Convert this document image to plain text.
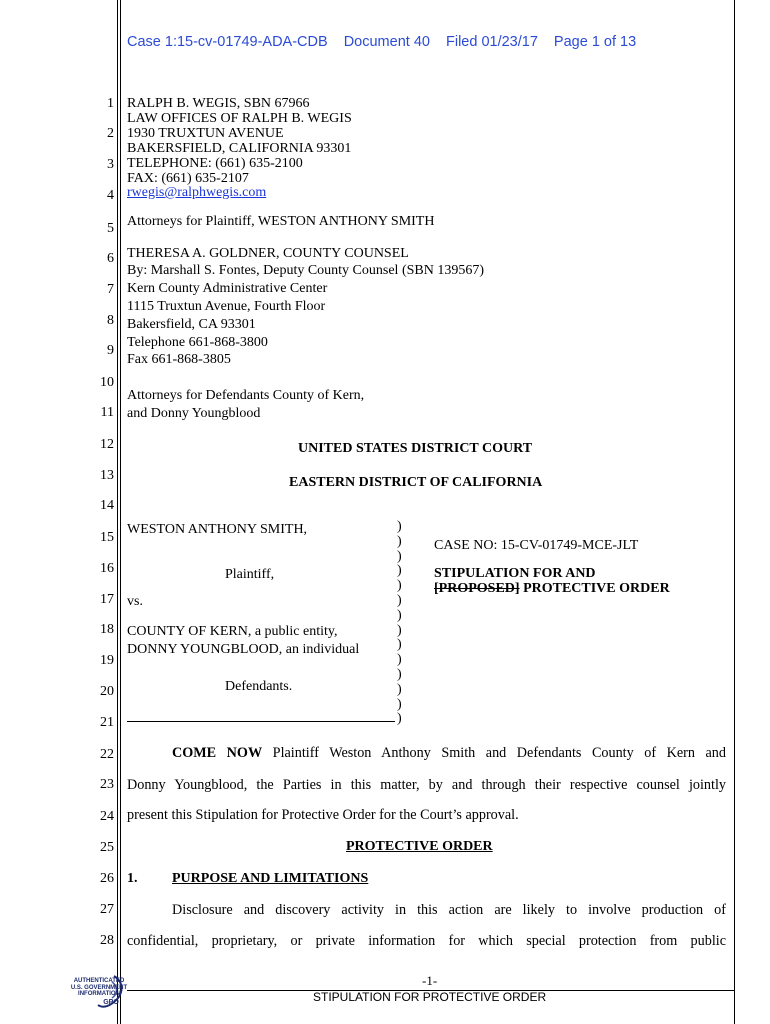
Case 1:15-cv-01749-ADA-CDB Document 40 Filed 01/23/17 Page 1 of 13
1
2
3
4
5
6
7
8
9
10
11
12
13
14
15
16
17
18
19
20
21
22
23
24
25
26
27
28
RALPH B. WEGIS, SBN 67966
LAW OFFICES OF RALPH B. WEGIS
1930 TRUXTUN AVENUE
BAKERSFIELD, CALIFORNIA 93301
TELEPHONE: (661) 635-2100
FAX: (661) 635-2107
rwegis@ralphwegis.com
Attorneys for Plaintiff, WESTON ANTHONY SMITH
THERESA A. GOLDNER, COUNTY COUNSEL
By: Marshall S. Fontes, Deputy County Counsel (SBN 139567)
Kern County Administrative Center
1115 Truxtun Avenue, Fourth Floor
Bakersfield, CA 93301
Telephone 661-868-3800
Fax 661-868-3805
Attorneys for Defendants County of Kern,
and Donny Youngblood
UNITED STATES DISTRICT COURT
EASTERN DISTRICT OF CALIFORNIA
WESTON ANTHONY SMITH,
Plaintiff,
vs.
COUNTY OF KERN, a public entity,
DONNY YOUNGBLOOD, an individual
Defendants.
)
)
)
)
)
)
)
)
)
)
)
)
)
)
CASE NO: 15-CV-01749-MCE-JLT
STIPULATION FOR AND
[PROPOSED] PROTECTIVE ORDER
COME NOW Plaintiff Weston Anthony Smith and Defendants County of Kern and
Donny Youngblood, the Parties in this matter, by and through their respective counsel jointly
present this Stipulation for Protective Order for the Court’s approval.
PROTECTIVE ORDER
1. PURPOSE AND LIMITATIONS
Disclosure and discovery activity in this action are likely to involve production of
confidential, proprietary, or private information for which special protection from public
-1-
STIPULATION FOR PROTECTIVE ORDER
AUTHENTICATED
U.S. GOVERNMENT
INFORMATION
GPO
